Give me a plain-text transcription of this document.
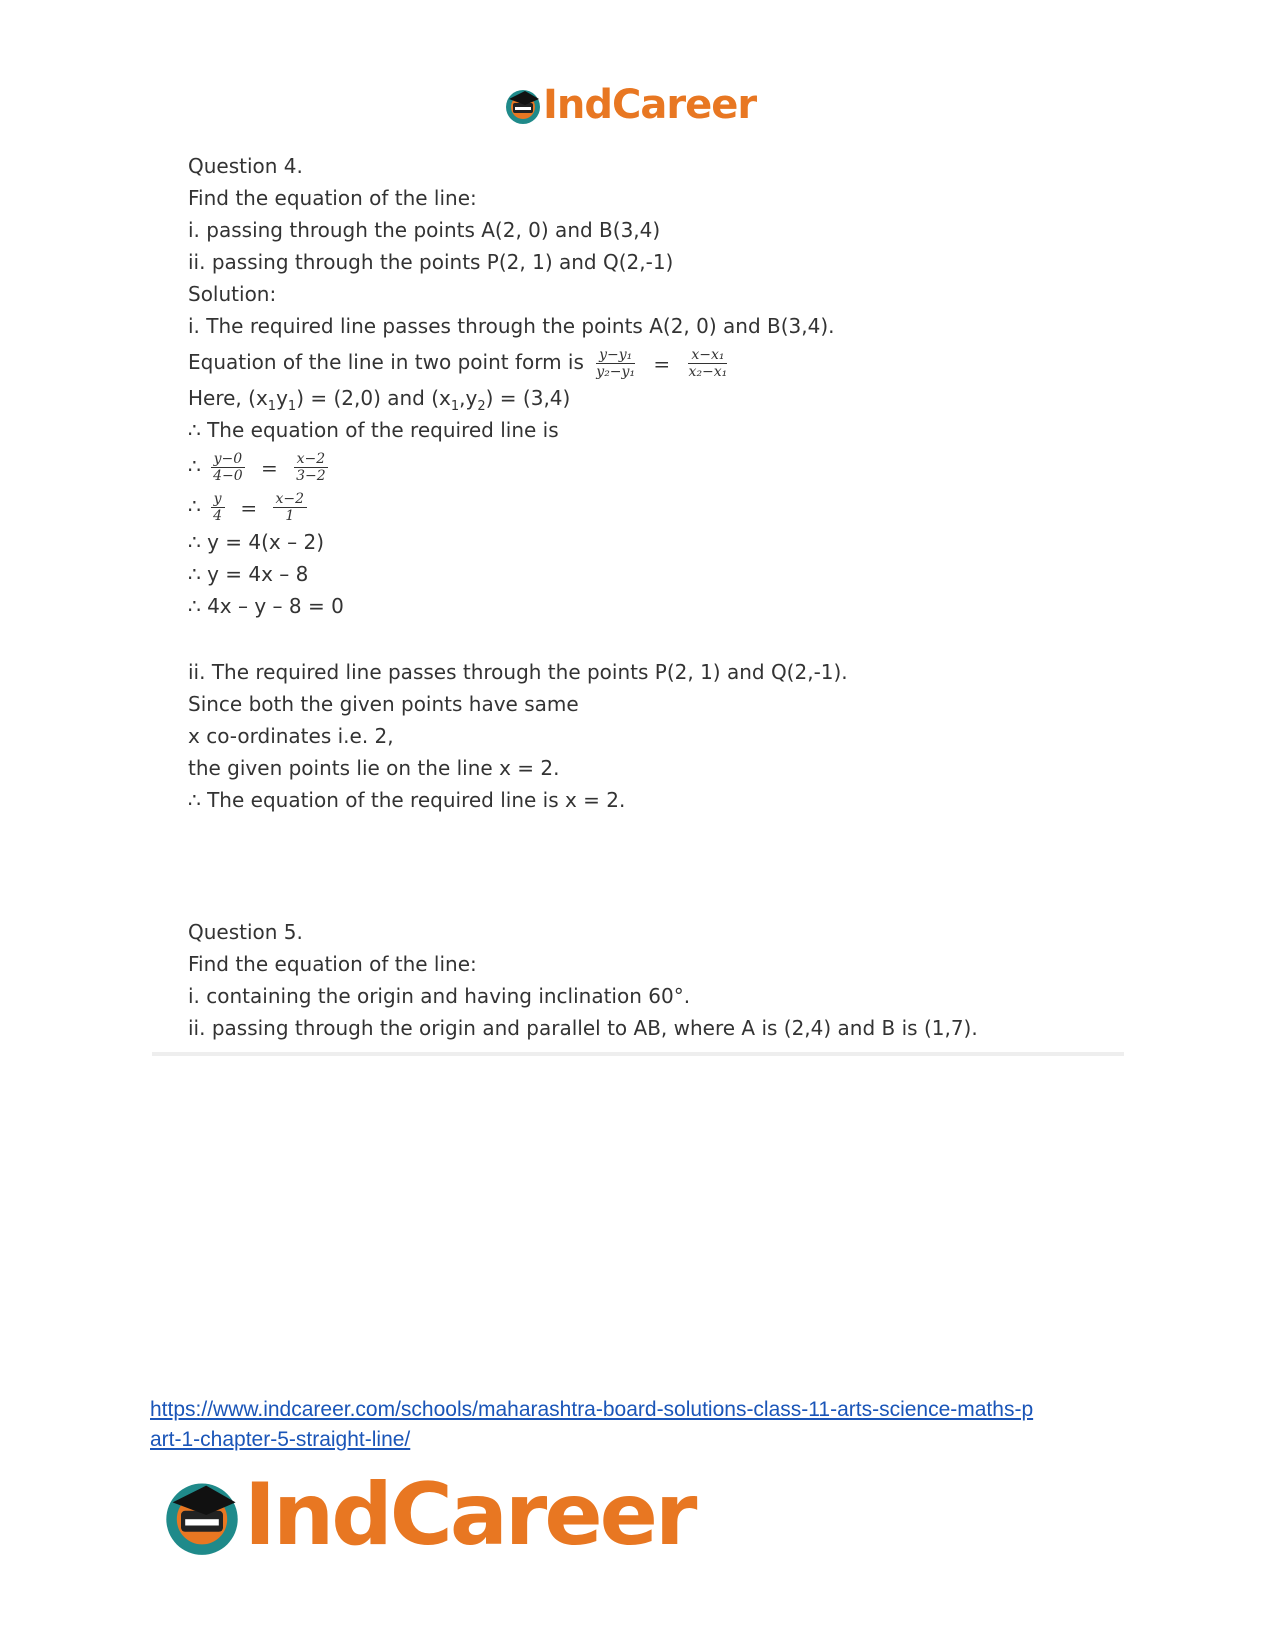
IndCareer
Question 4.
Find the equation of the line:
i. passing through the points A(2, 0) and B(3,4)
ii. passing through the points P(2, 1) and Q(2,-1)
Solution:
i. The required line passes through the points A(2, 0) and B(3,4).
Equation of the line in two point form is $\frac{\text{y−y₁}}{\text{y₂−y₁}} = \frac{\text{x−x₁}}{\text{x₂−x₁}}$
Here, $(x_1y_1) = (2,0)$ and $(x_1,y_2) = (3,4)$
∴ The equation of the required line is
∴ $\frac{y-0}{4-0} = \frac{x-2}{3-2}$
∴ $\frac{y}{4} = \frac{x-2}{1}$
∴ y = 4(x – 2)
∴ y = 4x – 8
∴ 4x – y – 8 = 0
ii. The required line passes through the points P(2, 1) and Q(2,-1).
Since both the given points have same
x co-ordinates i.e. 2,
the given points lie on the line x = 2.
∴ The equation of the required line is x = 2.
Question 5.
Find the equation of the line:
i. containing the origin and having inclination 60°.
ii. passing through the origin and parallel to AB, where A is (2,4) and B is (1,7).
https://www.indcareer.com/schools/maharashtra-board-solutions-class-11-arts-science-maths-p
art-1-chapter-5-straight-line/
IndCareer
